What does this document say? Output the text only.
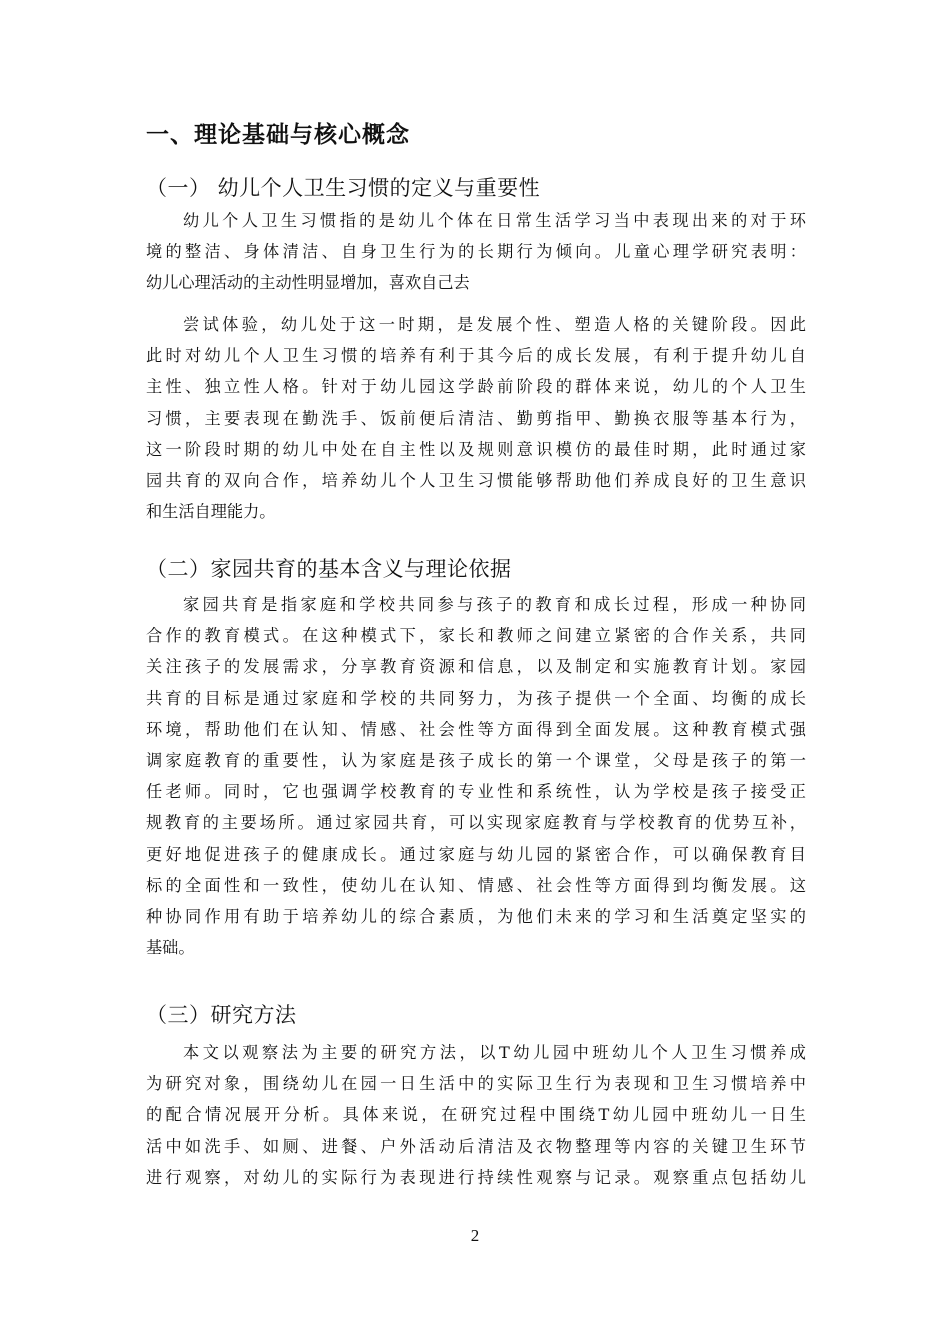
一、理论基础与核心概念
（一） 幼儿个人卫生习惯的定义与重要性
幼儿个人卫生习惯指的是幼儿个体在日常生活学习当中表现出来的对于环
境的整洁、身体清洁、自身卫生行为的长期行为倾向。儿童心理学研究表明：
幼儿心理活动的主动性明显增加，喜欢自己去
尝试体验，幼儿处于这一时期，是发展个性、塑造人格的关键阶段。因此
此时对幼儿个人卫生习惯的培养有利于其今后的成长发展，有利于提升幼儿自
主性、独立性人格。针对于幼儿园这学龄前阶段的群体来说，幼儿的个人卫生
习惯，主要表现在勤洗手、饭前便后清洁、勤剪指甲、勤换衣服等基本行为，
这一阶段时期的幼儿中处在自主性以及规则意识模仿的最佳时期，此时通过家
园共育的双向合作，培养幼儿个人卫生习惯能够帮助他们养成良好的卫生意识
和生活自理能力。
（二）家园共育的基本含义与理论依据
家园共育是指家庭和学校共同参与孩子的教育和成长过程，形成一种协同
合作的教育模式。在这种模式下，家长和教师之间建立紧密的合作关系，共同
关注孩子的发展需求，分享教育资源和信息，以及制定和实施教育计划。家园
共育的目标是通过家庭和学校的共同努力，为孩子提供一个全面、均衡的成长
环境，帮助他们在认知、情感、社会性等方面得到全面发展。这种教育模式强
调家庭教育的重要性，认为家庭是孩子成长的第一个课堂，父母是孩子的第一
任老师。同时，它也强调学校教育的专业性和系统性，认为学校是孩子接受正
规教育的主要场所。通过家园共育，可以实现家庭教育与学校教育的优势互补，
更好地促进孩子的健康成长。通过家庭与幼儿园的紧密合作，可以确保教育目
标的全面性和一致性，使幼儿在认知、情感、社会性等方面得到均衡发展。这
种协同作用有助于培养幼儿的综合素质，为他们未来的学习和生活奠定坚实的
基础。
（三）研究方法
本文以观察法为主要的研究方法，以T幼儿园中班幼儿个人卫生习惯养成
为研究对象，围绕幼儿在园一日生活中的实际卫生行为表现和卫生习惯培养中
的配合情况展开分析。具体来说，在研究过程中围绕T幼儿园中班幼儿一日生
活中如洗手、如厕、进餐、户外活动后清洁及衣物整理等内容的关键卫生环节
进行观察，对幼儿的实际行为表现进行持续性观察与记录。观察重点包括幼儿
2
